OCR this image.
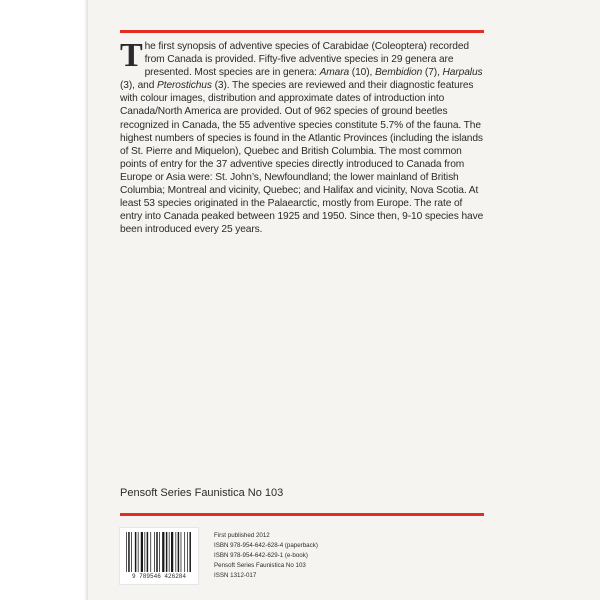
The first synopsis of adventive species of Carabidae (Coleoptera) recorded from Canada is provided. Fifty-five adventive species in 29 genera are presented. Most species are in genera: Amara (10), Bembidion (7), Harpalus (3), and Pterostichus (3). The species are reviewed and their diagnostic features with colour images, distribution and approximate dates of introduction into Canada/North America are provided. Out of 962 species of ground beetles recognized in Canada, the 55 adventive species constitute 5.7% of the fauna. The highest numbers of species is found in the Atlantic Provinces (including the islands of St. Pierre and Miquelon), Quebec and British Columbia. The most common points of entry for the 37 adventive species directly introduced to Canada from Europe or Asia were: St. John’s, Newfoundland; the lower mainland of British Columbia; Montreal and vicinity, Quebec; and Halifax and vicinity, Nova Scotia. At least 53 species originated in the Palaearctic, mostly from Europe. The rate of entry into Canada peaked between 1925 and 1950. Since then, 9-10 species have been introduced every 25 years.

Pensoft Series Faunistica No 103

9 789546 426284
First published 2012
ISBN 978-954-642-628-4 (paperback)
ISBN 978-954-642-629-1 (e-book)
Pensoft Series Faunistica No 103
ISSN 1312-017
